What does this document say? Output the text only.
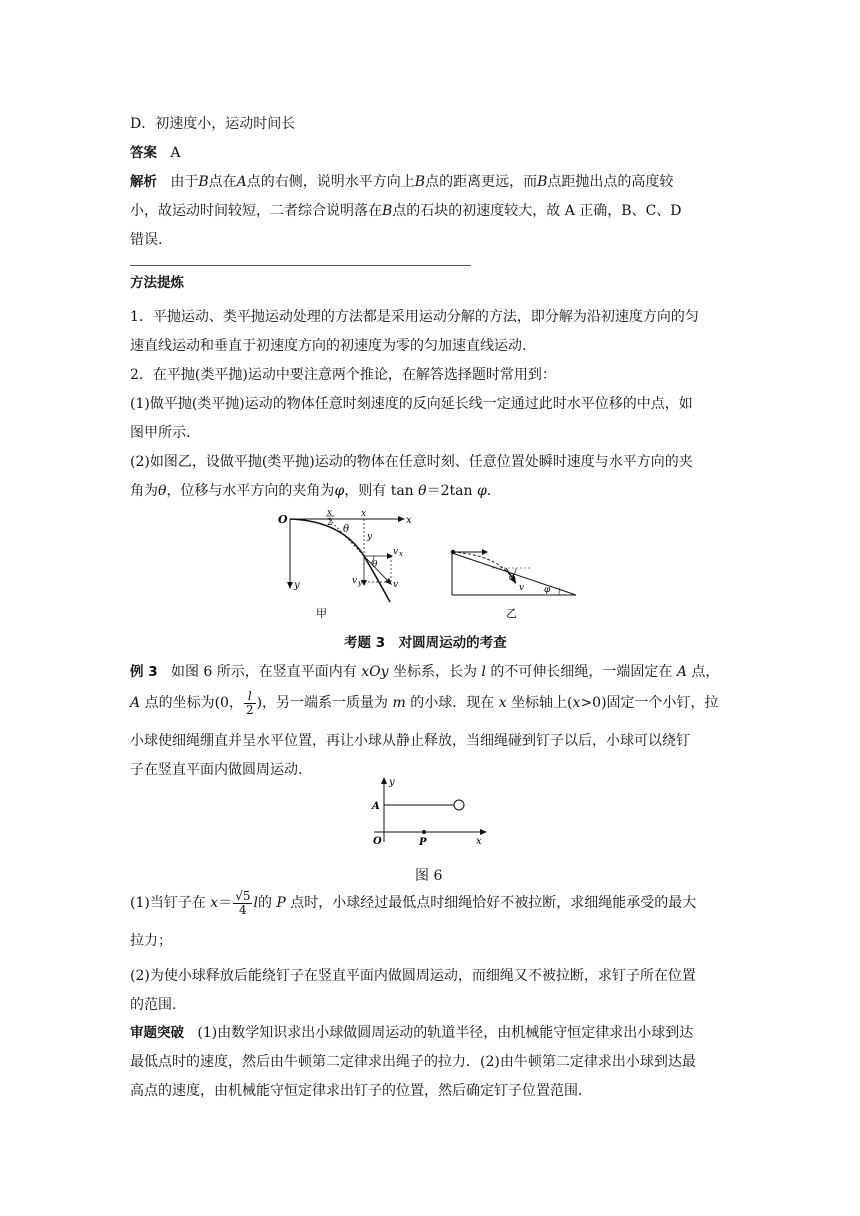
D．初速度小，运动时间长
答案 A
解析 由于B点在A点的右侧，说明水平方向上B点的距离更远，而B点距抛出点的高度较
小，故运动时间较短，二者综合说明落在B点的石块的初速度较大，故 A 正确，B、C、D
错误.
方法提炼
1．平抛运动、类平抛运动处理的方法都是采用运动分解的方法，即分解为沿初速度方向的匀
速直线运动和垂直于初速度方向的初速度为零的匀加速直线运动.
2．在平抛(类平抛)运动中要注意两个推论，在解答选择题时常用到：
(1)做平抛(类平抛)运动的物体任意时刻速度的反向延长线一定通过此时水平位移的中点，如
图甲所示.
(2)如图乙，设做平抛(类平抛)运动的物体在任意时刻、任意位置处瞬时速度与水平方向的夹
角为θ，位移与水平方向的夹角为φ，则有 tan θ＝2tan φ.
O	x
y
x
2
x
θ
y
v x
v y	v
θ
甲
θ
v φ
乙
考题 3　对圆周运动的考查
例 3 如图 6 所示，在竖直平面内有 xOy 坐标系，长为 l 的不可伸长细绳，一端固定在 A 点，
A 点的坐标为(0， $\frac{l}{2}$ )，另一端系一质量为 m 的小球．现在 x 坐标轴上(x>0)固定一个小钉，拉
小球使细绳绷直并呈水平位置，再让小球从静止释放，当细绳碰到钉子以后，小球可以绕钉
子在竖直平面内做圆周运动.
y
x
A
O	P
图 6
(1)当钉子在 $x= \frac{√5}{4}$ l的 P 点时，小球经过最低点时细绳恰好不被拉断，求细绳能承受的最大
拉力；
(2)为使小球释放后能绕钉子在竖直平面内做圆周运动，而细绳又不被拉断，求钉子所在位置
的范围.
审题突破 (1)由数学知识求出小球做圆周运动的轨道半径，由机械能守恒定律求出小球到达
最低点时的速度，然后由牛顿第二定律求出绳子的拉力．(2)由牛顿第二定律求出小球到达最
高点的速度，由机械能守恒定律求出钉子的位置，然后确定钉子位置范围.
